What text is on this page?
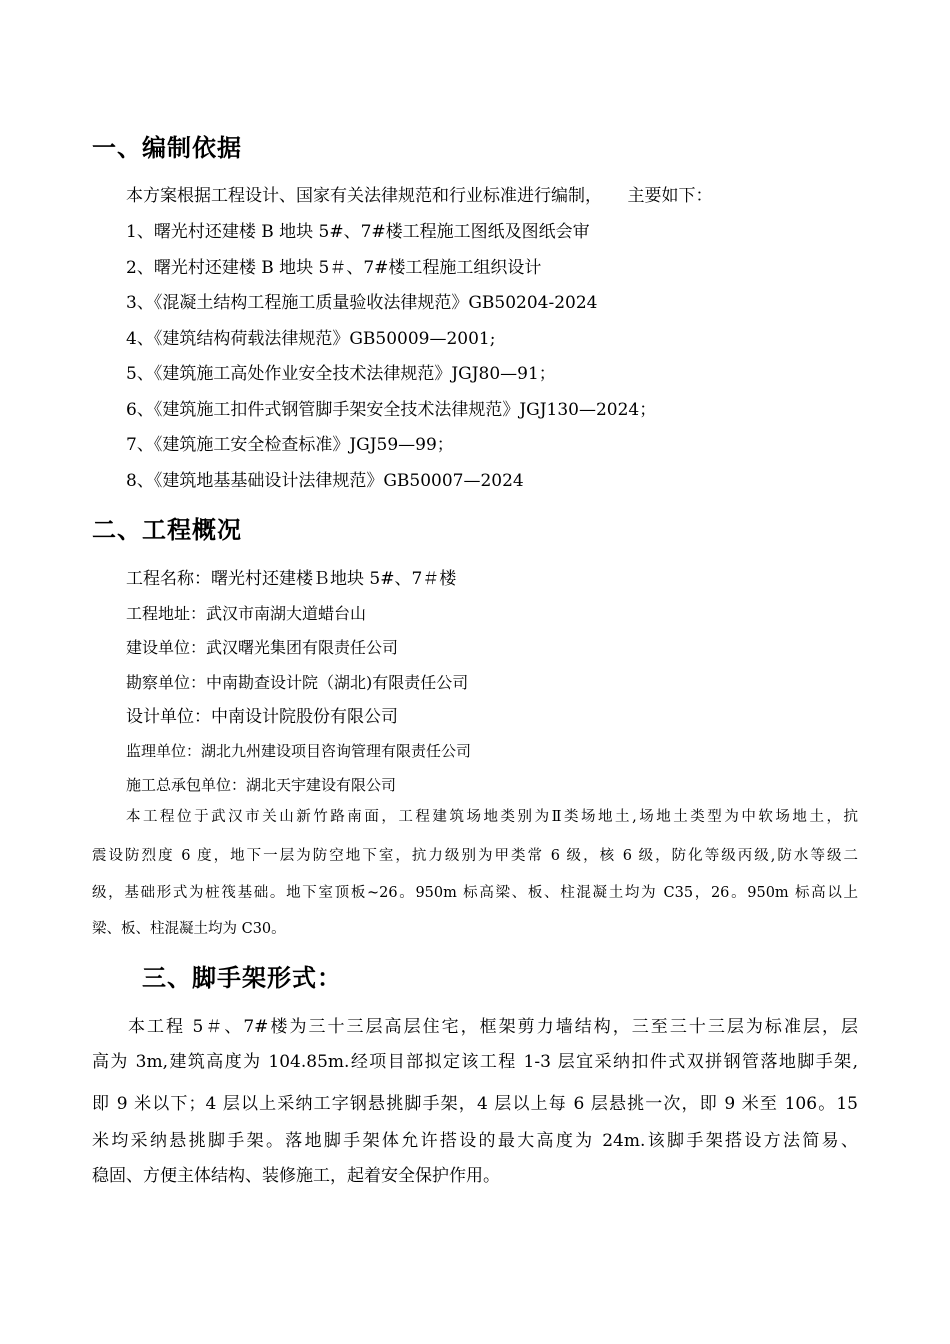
一、编制依据
本方案根据工程设计、国家有关法律规范和行业标准进行编制，　　主要如下：
1、曙光村还建楼 B 地块 5#、7#楼工程施工图纸及图纸会审
2、曙光村还建楼 B 地块 5＃、7#楼工程施工组织设计
3、《混凝土结构工程施工质量验收法律规范》GB50204-2024
4、《建筑结构荷载法律规范》GB50009—2001;
5、《建筑施工高处作业安全技术法律规范》JGJ80—91；
6、《建筑施工扣件式钢管脚手架安全技术法律规范》JGJ130—2024；
7、《建筑施工安全检查标准》JGJ59—99；
8、《建筑地基基础设计法律规范》GB50007—2024
二、工程概况
工程名称：曙光村还建楼Ｂ地块 5#、7＃楼
工程地址：武汉市南湖大道蜡台山
建设单位：武汉曙光集团有限责任公司
勘察单位：中南勘查设计院（湖北)有限责任公司
设计单位：中南设计院股份有限公司
监理单位：湖北九州建设项目咨询管理有限责任公司
施工总承包单位：湖北天宇建设有限公司
本工程位于武汉市关山新竹路南面，工程建筑场地类别为Ⅱ类场地土,场地土类型为中软场地土，抗
震设防烈度 6 度，地下一层为防空地下室，抗力级别为甲类常 6 级，核 6 级，防化等级丙级,防水等级二
级，基础形式为桩筏基础。地下室顶板~26。950m 标高梁、板、柱混凝土均为 C35，26。950m 标高以上
梁、板、柱混凝土均为 C30。
三、脚手架形式：
本工程 5＃、7#楼为三十三层高层住宅，框架剪力墙结构，三至三十三层为标准层，层
高为 3m,建筑高度为 104.85m.经项目部拟定该工程 1-3 层宜采纳扣件式双拼钢管落地脚手架,
即 9 米以下；4 层以上采纳工字钢悬挑脚手架，4 层以上每 6 层悬挑一次，即 9 米至 106。15
米均采纳悬挑脚手架。落地脚手架体允许搭设的最大高度为 24m.该脚手架搭设方法简易、
稳固、方便主体结构、装修施工，起着安全保护作用。
